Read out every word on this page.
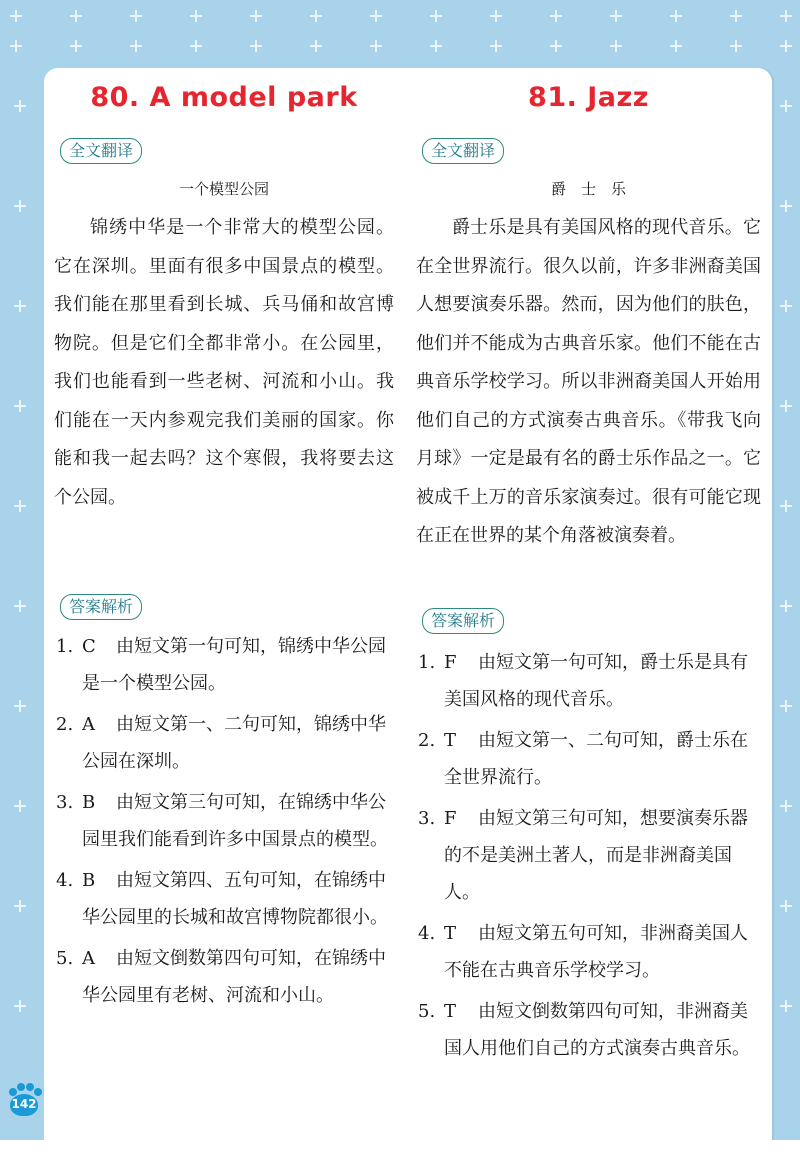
80. A model park
全文翻译
一个模型公园

锦绣中华是一个非常大的模型公园。它在深圳。里面有很多中国景点的模型。我们能在那里看到长城、兵马俑和故宫博物院。但是它们全都非常小。在公园里，我们也能看到一些老树、河流和小山。我们能在一天内参观完我们美丽的国家。你能和我一起去吗？这个寒假，我将要去这个公园。

答案解析
1. C 由短文第一句可知，锦绣中华公园是一个模型公园。
2. A 由短文第一、二句可知，锦绣中华公园在深圳。
3. B 由短文第三句可知，在锦绣中华公园里我们能看到许多中国景点的模型。
4. B 由短文第四、五句可知，在锦绣中华公园里的长城和故宫博物院都很小。
5. A 由短文倒数第四句可知，在锦绣中华公园里有老树、河流和小山。
81. Jazz
全文翻译
爵　士　乐

爵士乐是具有美国风格的现代音乐。它在全世界流行。很久以前，许多非洲裔美国人想要演奏乐器。然而，因为他们的肤色，他们并不能成为古典音乐家。他们不能在古典音乐学校学习。所以非洲裔美国人开始用他们自己的方式演奏古典音乐。《带我飞向月球》一定是最有名的爵士乐作品之一。它被成千上万的音乐家演奏过。很有可能它现在正在世界的某个角落被演奏着。

答案解析
1. F 由短文第一句可知，爵士乐是具有美国风格的现代音乐。
2. T 由短文第一、二句可知，爵士乐在全世界流行。
3. F 由短文第三句可知，想要演奏乐器的不是美洲土著人，而是非洲裔美国人。
4. T 由短文第五句可知，非洲裔美国人不能在古典音乐学校学习。
5. T 由短文倒数第四句可知，非洲裔美国人用他们自己的方式演奏古典音乐。
142
